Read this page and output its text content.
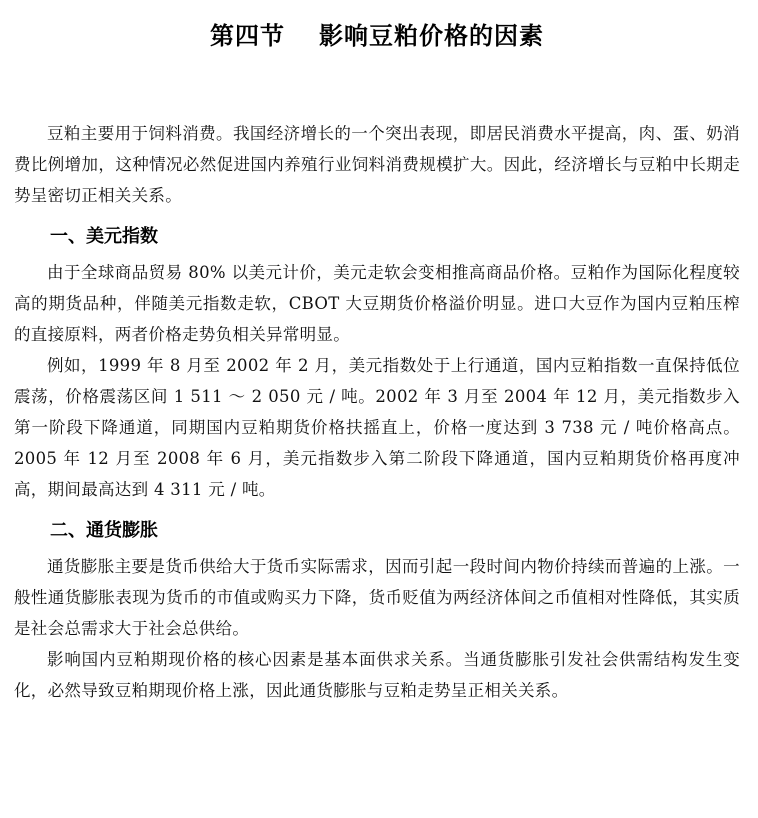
第四节 影响豆粕价格的因素

豆粕主要用于饲料消费。我国经济增长的一个突出表现，即居民消费水平提高，肉、蛋、奶消费比例增加，这种情况必然促进国内养殖行业饲料消费规模扩大。因此，经济增长与豆粕中长期走势呈密切正相关关系。

一、美元指数

由于全球商品贸易 80% 以美元计价，美元走软会变相推高商品价格。豆粕作为国际化程度较高的期货品种，伴随美元指数走软，CBOT 大豆期货价格溢价明显。进口大豆作为国内豆粕压榨的直接原料，两者价格走势负相关异常明显。

例如，1999 年 8 月至 2002 年 2 月，美元指数处于上行通道，国内豆粕指数一直保持低位震荡，价格震荡区间 1 511 ～ 2 050 元 / 吨。2002 年 3 月至 2004 年 12 月，美元指数步入第一阶段下降通道，同期国内豆粕期货价格扶摇直上，价格一度达到 3 738 元 / 吨价格高点。2005 年 12 月至 2008 年 6 月，美元指数步入第二阶段下降通道，国内豆粕期货价格再度冲高，期间最高达到 4 311 元 / 吨。

二、通货膨胀

通货膨胀主要是货币供给大于货币实际需求，因而引起一段时间内物价持续而普遍的上涨。一般性通货膨胀表现为货币的市值或购买力下降，货币贬值为两经济体间之币值相对性降低，其实质是社会总需求大于社会总供给。

影响国内豆粕期现价格的核心因素是基本面供求关系。当通货膨胀引发社会供需结构发生变化，必然导致豆粕期现价格上涨，因此通货膨胀与豆粕走势呈正相关关系。
